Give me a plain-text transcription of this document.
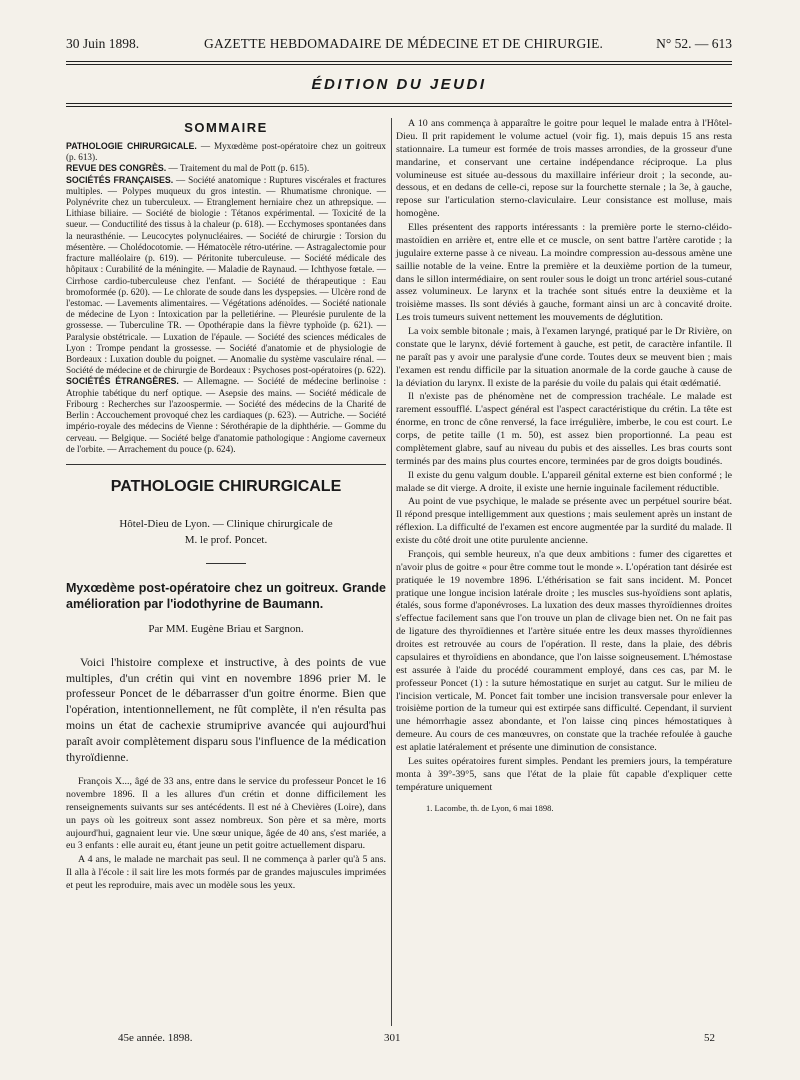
30 Juin 1898.	GAZETTE HEBDOMADAIRE DE MÉDECINE ET DE CHIRURGIE.	N° 52. — 613
ÉDITION DU JEUDI
SOMMAIRE

PATHOLOGIE CHIRURGICALE. — Myxœdème post-opératoire chez un goitreux (p. 613).

REVUE DES CONGRÈS. — Traitement du mal de Pott (p. 615).

SOCIÉTÉS FRANÇAISES. — Société anatomique : Ruptures viscérales et fractures multiples. — Polypes muqueux du gros intestin. — Rhumatisme chronique. — Polynévrite chez un tuberculeux. — Etranglement herniaire chez un athrepsique. — Lithiase biliaire. — Société de biologie : Tétanos expérimental. — Toxicité de la sueur. — Conductilité des tissus à la chaleur (p. 618). — Ecchymoses spontanées dans la neurasthénie. — Leucocytes polynucléaires. — Société de chirurgie : Torsion du mésentère. — Cholédocotomie. — Hématocèle rétro-utérine. — Astragalectomie pour fracture malléolaire (p. 619). — Péritonite tuberculeuse. — Société médicale des hôpitaux : Curabilité de la méningite. — Maladie de Raynaud. — Ichthyose fœtale. — Cirrhose cardio-tuberculeuse chez l'enfant. — Société de thérapeutique : Eau bromoformée (p. 620). — Le chlorate de soude dans les dyspepsies. — Ulcère rond de l'estomac. — Lavements alimentaires. — Végétations adénoïdes. — Société nationale de médecine de Lyon : Intoxication par la pelletiérine. — Pleurésie purulente de la grossesse. — Tuberculine TR. — Opothérapie dans la fièvre typhoïde (p. 621). — Paralysie obstétricale. — Luxation de l'épaule. — Société des sciences médicales de Lyon : Trompe pendant la grossesse. — Société d'anatomie et de physiologie de Bordeaux : Luxation double du poignet. — Anomalie du système vasculaire rénal. — Société de médecine et de chirurgie de Bordeaux : Psychoses post-opératoires (p. 622).

SOCIÉTÉS ÉTRANGÈRES. — Allemagne. — Société de médecine berlinoise : Atrophie tabétique du nerf optique. — Asepsie des mains. — Société médicale de Fribourg : Recherches sur l'azoospermie. — Société des médecins de la Charité de Berlin : Accouchement provoqué chez les cardiaques (p. 623). — Autriche. — Société império-royale des médecins de Vienne : Sérothérapie de la diphthérie. — Gomme du cerveau. — Belgique. — Société belge d'anatomie pathologique : Angiome caverneux de l'orbite. — Arrachement du pouce (p. 624).

PATHOLOGIE CHIRURGICALE
Hôtel-Dieu de Lyon. — Clinique chirurgicale de
M. le prof. Poncet.
Myxœdème post-opératoire chez un goitreux. Grande amélioration par l'iodothyrine de Baumann.
Par MM. Eugène Briau et Sargnon.

Voici l'histoire complexe et instructive, à des points de vue multiples, d'un crétin qui vint en novembre 1896 prier M. le professeur Poncet de le débarrasser d'un goitre énorme. Bien que l'opération, intentionnellement, ne fût complète, il n'en résulta pas moins un état de cachexie strumiprive avancée qui aujourd'hui paraît avoir complètement disparu sous l'influence de la médication thyroïdienne.

François X..., âgé de 33 ans, entre dans le service du professeur Poncet le 16 novembre 1896. Il a les allures d'un crétin et donne difficilement les renseignements suivants sur ses antécédents. Il est né à Chevières (Loire), dans un pays où les goitreux sont assez nombreux. Son père et sa mère, morts aujourd'hui, gagnaient leur vie. Une sœur unique, âgée de 40 ans, s'est mariée, a eu 3 enfants : elle aurait eu, étant jeune un petit goitre actuellement disparu.

A 4 ans, le malade ne marchait pas seul. Il ne commença à parler qu'à 5 ans. Il alla à l'école : il sait lire les mots formés par de grandes majuscules imprimées et peut les reproduire, mais avec un modèle sous les yeux.

A 10 ans commença à apparaître le goitre pour lequel le malade entra à l'Hôtel-Dieu. Il prit rapidement le volume actuel (voir fig. 1), mais depuis 15 ans resta stationnaire. La tumeur est formée de trois masses arrondies, de la grosseur d'une mandarine, et conservant une certaine indépendance réciproque. La plus volumineuse est située au-dessous du maxillaire inférieur droit ; la seconde, au-dessous, et en dedans de celle-ci, repose sur la fourchette sternale ; la 3e, à gauche, repose sur l'articulation sterno-claviculaire. Leur consistance est molluse, mais homogène.

Elles présentent des rapports intéressants : la première porte le sterno-cléido-mastoïdien en arrière et, entre elle et ce muscle, on sent battre l'artère carotide ; la jugulaire externe passe à ce niveau. La moindre compression au-dessous amène une saillie notable de la veine. Entre la première et la deuxième portion de la tumeur, dans le sillon intermédiaire, on sent rouler sous le doigt un tronc artériel sous-cutané assez volumineux. Le larynx et la trachée sont situés entre la deuxième et la troisième masses. Ils sont déviés à gauche, formant ainsi un arc à concavité droite. Les trois tumeurs suivent nettement les mouvements de déglutition.

La voix semble bitonale ; mais, à l'examen laryngé, pratiqué par le Dr Rivière, on constate que le larynx, dévié fortement à gauche, est petit, de caractère infantile. Il ne paraît pas y avoir une paralysie d'une corde. Toutes deux se meuvent bien ; mais l'examen est rendu difficile par la situation anormale de la corde gauche à cause de la déviation du larynx. Il existe de la parésie du voile du palais qui était œdématié.

Il n'existe pas de phénomène net de compression trachéale. Le malade est rarement essoufflé. L'aspect général est l'aspect caractéristique du crétin. La tête est énorme, en tronc de cône renversé, la face irrégulière, imberbe, le cou est court. Le corps, de petite taille (1 m. 50), est assez bien proportionné. La peau est complètement glabre, sauf au niveau du pubis et des aisselles. Les bras courts sont terminés par des mains plus courtes encore, terminées par de gros doigts boudinés.

Il existe du genu valgum double. L'appareil génital externe est bien conformé ; le malade se dit vierge. A droite, il existe une hernie inguinale facilement réductible.

Au point de vue psychique, le malade se présente avec un perpétuel sourire béat. Il répond presque intelligemment aux questions ; mais seulement après un instant de réflexion. La difficulté de l'examen est encore augmentée par la surdité du malade. Il existe du côté droit une otite purulente ancienne.

François, qui semble heureux, n'a que deux ambitions : fumer des cigarettes et n'avoir plus de goitre « pour être comme tout le monde ». L'opération tant désirée est pratiquée le 19 novembre 1896. L'éthérisation se fait sans incident. M. Poncet pratique une longue incision latérale droite ; les muscles sus-hyoïdiens sont aplatis, étalés, sous forme d'aponévroses. La luxation des deux masses thyroïdiennes droites s'effectue facilement sans que l'on trouve un plan de clivage bien net. On ne fait pas de ligature des thyroïdiennes et l'artère située entre les deux masses thyroïdiennes droites est retrouvée au cours de l'opération. Il reste, dans la plaie, des débris capsulaires et thyroïdiens en abondance, que l'on laisse soigneusement. L'hémostase est assurée à l'aide du procédé couramment employé, dans ces cas, par M. le professeur Poncet (1) : la suture hémostatique en surjet au catgut. Sur le milieu de l'incision verticale, M. Poncet fait tomber une incision transversale pour enlever la troisième portion de la tumeur qui est extirpée sans difficulté. Cependant, il survient une hémorrhagie assez abondante, et l'on laisse cinq pinces hémostatiques à demeure. Au cours de ces manœuvres, on constate que la trachée refoulée à gauche est aplatie latéralement et présente une diminution de consistance.

Les suites opératoires furent simples. Pendant les premiers jours, la température monta à 39°-39°5, sans que l'état de la plaie fût capable d'expliquer cette température uniquement

1. Lacombe, th. de Lyon, 6 mai 1898.
45e année. 1898.	301	52
